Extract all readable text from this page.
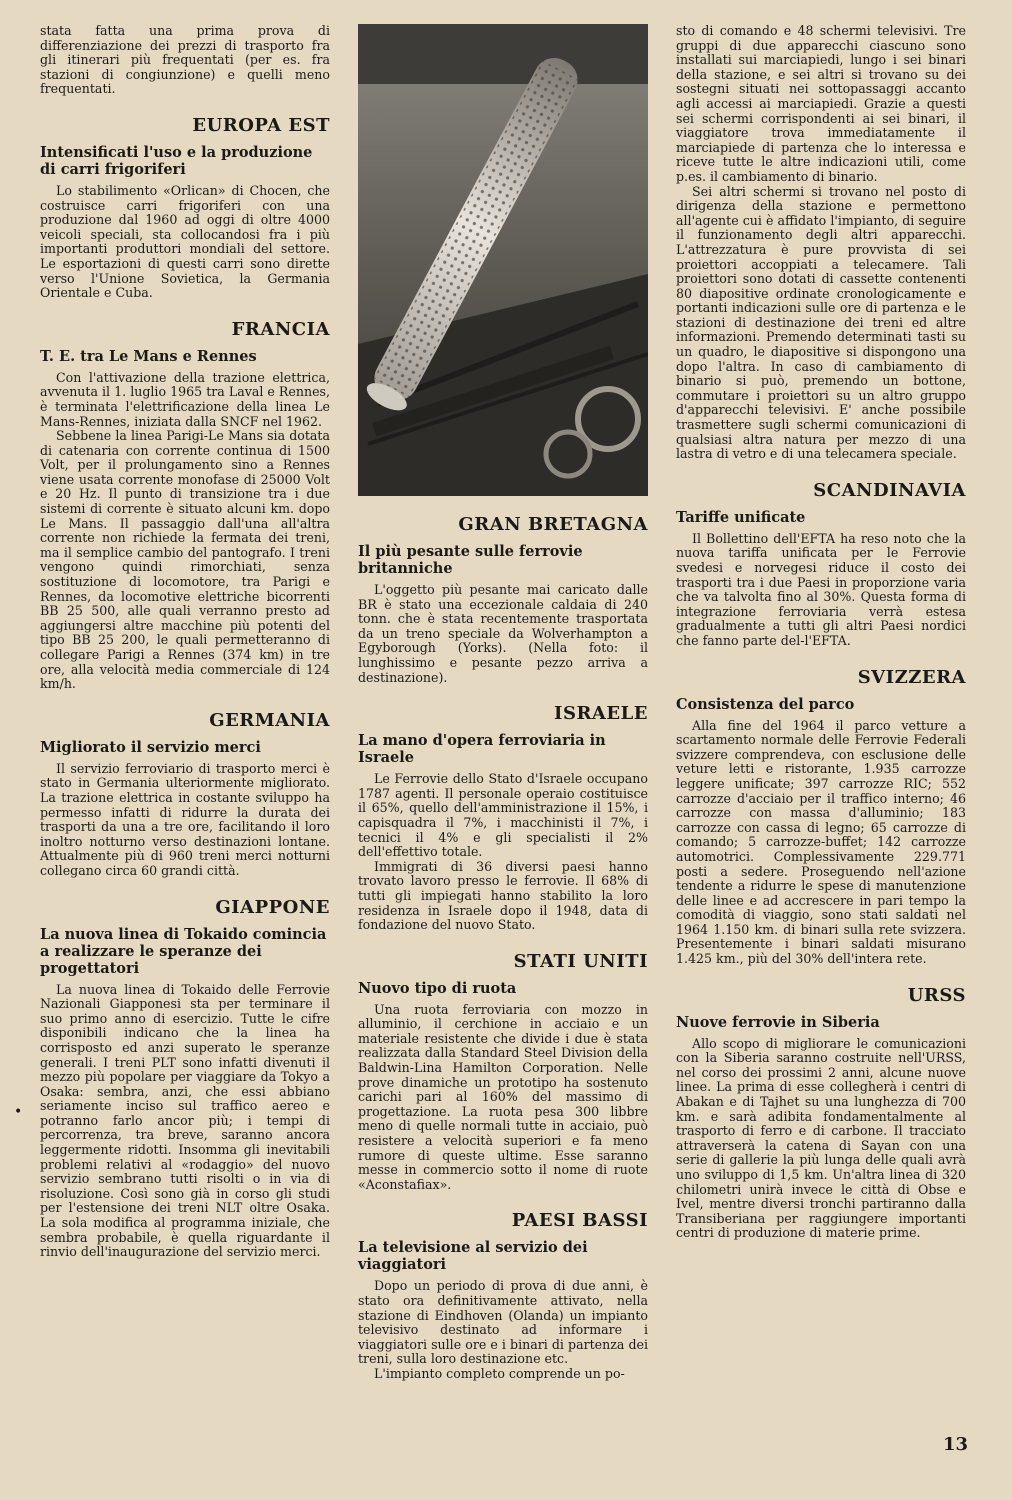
stata fatta una prima prova di differenziazione dei prezzi di trasporto fra gli itinerari più frequentati (per es. fra stazioni di congiunzione) e quelli meno frequentati.

EUROPA EST
Intensificati l'uso e la produzione di carri frigoriferi

Lo stabilimento «Orlican» di Chocen, che costruisce carri frigoriferi con una produzione dal 1960 ad oggi di oltre 4000 veicoli speciali, sta collocandosi fra i più importanti produttori mondiali del settore. Le esportazioni di questi carri sono dirette verso l'Unione Sovietica, la Germania Orientale e Cuba.

FRANCIA
T. E. tra Le Mans e Rennes

Con l'attivazione della trazione elettrica, avvenuta il 1. luglio 1965 tra Laval e Rennes, è terminata l'elettrificazione della linea Le Mans-Rennes, iniziata dalla SNCF nel 1962.

Sebbene la linea Parigi-Le Mans sia dotata di catenaria con corrente continua di 1500 Volt, per il prolungamento sino a Rennes viene usata corrente monofase di 25000 Volt e 20 Hz. Il punto di transizione tra i due sistemi di corrente è situato alcuni km. dopo Le Mans. Il passaggio dall'una all'altra corrente non richiede la fermata dei treni, ma il semplice cambio del pantografo. I treni vengono quindi rimorchiati, senza sostituzione di locomotore, tra Parigi e Rennes, da locomotive elettriche bicorrenti BB 25 500, alle quali verranno presto ad aggiungersi altre macchine più potenti del tipo BB 25 200, le quali permetteranno di collegare Parigi a Rennes (374 km) in tre ore, alla velocità media commerciale di 124 km/h.

GERMANIA
Migliorato il servizio merci

Il servizio ferroviario di trasporto merci è stato in Germania ulteriormente migliorato. La trazione elettrica in costante sviluppo ha permesso infatti di ridurre la durata dei trasporti da una a tre ore, facilitando il loro inoltro notturno verso destinazioni lontane. Attualmente più di 960 treni merci notturni collegano circa 60 grandi città.

GIAPPONE
La nuova linea di Tokaido comincia a realizzare le speranze dei progettatori

La nuova linea di Tokaido delle Ferrovie Nazionali Giapponesi sta per terminare il suo primo anno di esercizio. Tutte le cifre disponibili indicano che la linea ha corrisposto ed anzi superato le speranze generali. I treni PLT sono infatti divenuti il mezzo più popolare per viaggiare da Tokyo a Osaka: sembra, anzi, che essi abbiano seriamente inciso sul traffico aereo e potranno farlo ancor più; i tempi di percorrenza, tra breve, saranno ancora leggermente ridotti. Insomma gli inevitabili problemi relativi al «rodaggio» del nuovo servizio sembrano tutti risolti o in via di risoluzione. Così sono già in corso gli studi per l'estensione dei treni NLT oltre Osaka. La sola modifica al programma iniziale, che sembra probabile, è quella riguardante il rinvio dell'inaugurazione del servizio merci.

GRAN BRETAGNA
Il più pesante sulle ferrovie britanniche

L'oggetto più pesante mai caricato dalle BR è stato una eccezionale caldaia di 240 tonn. che è stata recentemente trasportata da un treno speciale da Wolverhampton a Egyborough (Yorks). (Nella foto: il lunghissimo e pesante pezzo arriva a destinazione).

ISRAELE
La mano d'opera ferroviaria in Israele

Le Ferrovie dello Stato d'Israele occupano 1787 agenti. Il personale operaio costituisce il 65%, quello dell'amministrazione il 15%, i capisquadra il 7%, i macchinisti il 7%, i tecnici il 4% e gli specialisti il 2% dell'effettivo totale.

Immigrati di 36 diversi paesi hanno trovato lavoro presso le ferrovie. Il 68% di tutti gli impiegati hanno stabilito la loro residenza in Israele dopo il 1948, data di fondazione del nuovo Stato.

STATI UNITI
Nuovo tipo di ruota

Una ruota ferroviaria con mozzo in alluminio, il cerchione in acciaio e un materiale resistente che divide i due è stata realizzata dalla Standard Steel Division della Baldwin-Lina Hamilton Corporation. Nelle prove dinamiche un prototipo ha sostenuto carichi pari al 160% del massimo di progettazione. La ruota pesa 300 libbre meno di quelle normali tutte in acciaio, può resistere a velocità superiori e fa meno rumore di queste ultime. Esse saranno messe in commercio sotto il nome di ruote «Aconstafiax».

PAESI BASSI
La televisione al servizio dei viaggiatori

Dopo un periodo di prova di due anni, è stato ora definitivamente attivato, nella stazione di Eindhoven (Olanda) un impianto televisivo destinato ad informare i viaggiatori sulle ore e i binari di partenza dei treni, sulla loro destinazione etc.

L'impianto completo comprende un po-

sto di comando e 48 schermi televisivi. Tre gruppi di due apparecchi ciascuno sono installati sui marciapiedi, lungo i sei binari della stazione, e sei altri si trovano su dei sostegni situati nei sottopassaggi accanto agli accessi ai marciapiedi. Grazie a questi sei schermi corrispondenti ai sei binari, il viaggiatore trova immediatamente il marciapiede di partenza che lo interessa e riceve tutte le altre indicazioni utili, come p.es. il cambiamento di binario.

Sei altri schermi si trovano nel posto di dirigenza della stazione e permettono all'agente cui è affidato l'impianto, di seguire il funzionamento degli altri apparecchi. L'attrezzatura è pure provvista di sei proiettori accoppiati a telecamere. Tali proiettori sono dotati di cassette contenenti 80 diapositive ordinate cronologicamente e portanti indicazioni sulle ore di partenza e le stazioni di destinazione dei treni ed altre informazioni. Premendo determinati tasti su un quadro, le diapositive si dispongono una dopo l'altra. In caso di cambiamento di binario si può, premendo un bottone, commutare i proiettori su un altro gruppo d'apparecchi televisivi. E' anche possibile trasmettere sugli schermi comunicazioni di qualsiasi altra natura per mezzo di una lastra di vetro e di una telecamera speciale.

SCANDINAVIA
Tariffe unificate

Il Bollettino dell'EFTA ha reso noto che la nuova tariffa unificata per le Ferrovie svedesi e norvegesi riduce il costo dei trasporti tra i due Paesi in proporzione varia che va talvolta fino al 30%. Questa forma di integrazione ferroviaria verrà estesa gradualmente a tutti gli altri Paesi nordici che fanno parte del-l'EFTA.

SVIZZERA
Consistenza del parco

Alla fine del 1964 il parco vetture a scartamento normale delle Ferrovie Federali svizzere comprendeva, con esclusione delle veture letti e ristorante, 1.935 carrozze leggere unificate; 397 carrozze RIC; 552 carrozze d'acciaio per il traffico interno; 46 carrozze con massa d'alluminio; 183 carrozze con cassa di legno; 65 carrozze di comando; 5 carrozze-buffet; 142 carrozze automotrici. Complessivamente 229.771 posti a sedere. Proseguendo nell'azione tendente a ridurre le spese di manutenzione delle linee e ad accrescere in pari tempo la comodità di viaggio, sono stati saldati nel 1964 1.150 km. di binari sulla rete svizzera. Presentemente i binari saldati misurano 1.425 km., più del 30% dell'intera rete.

URSS
Nuove ferrovie in Siberia

Allo scopo di migliorare le comunicazioni con la Siberia saranno costruite nell'URSS, nel corso dei prossimi 2 anni, alcune nuove linee. La prima di esse collegherà i centri di Abakan e di Tajhet su una lunghezza di 700 km. e sarà adibita fondamentalmente al trasporto di ferro e di carbone. Il tracciato attraverserà la catena di Sayan con una serie di gallerie la più lunga delle quali avrà uno sviluppo di 1,5 km. Un'altra linea di 320 chilometri unirà invece le città di Obse e Ivel, mentre diversi tronchi partiranno dalla Transiberiana per raggiungere importanti centri di produzione di materie prime.

•
13
